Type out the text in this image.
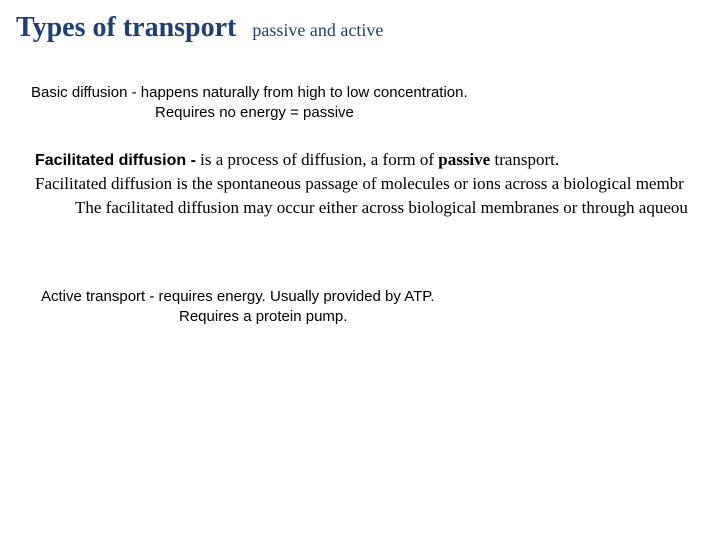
Types of transport passive and active
Basic diffusion - happens naturally from high to low concentration.
Requires no energy = passive
Facilitated diffusion - is a process of diffusion, a form of passive transport.
Facilitated diffusion is the spontaneous passage of molecules or ions across a biological membr
The facilitated diffusion may occur either across biological membranes or through aqueou
Active transport - requires energy. Usually provided by ATP.
Requires a protein pump.
